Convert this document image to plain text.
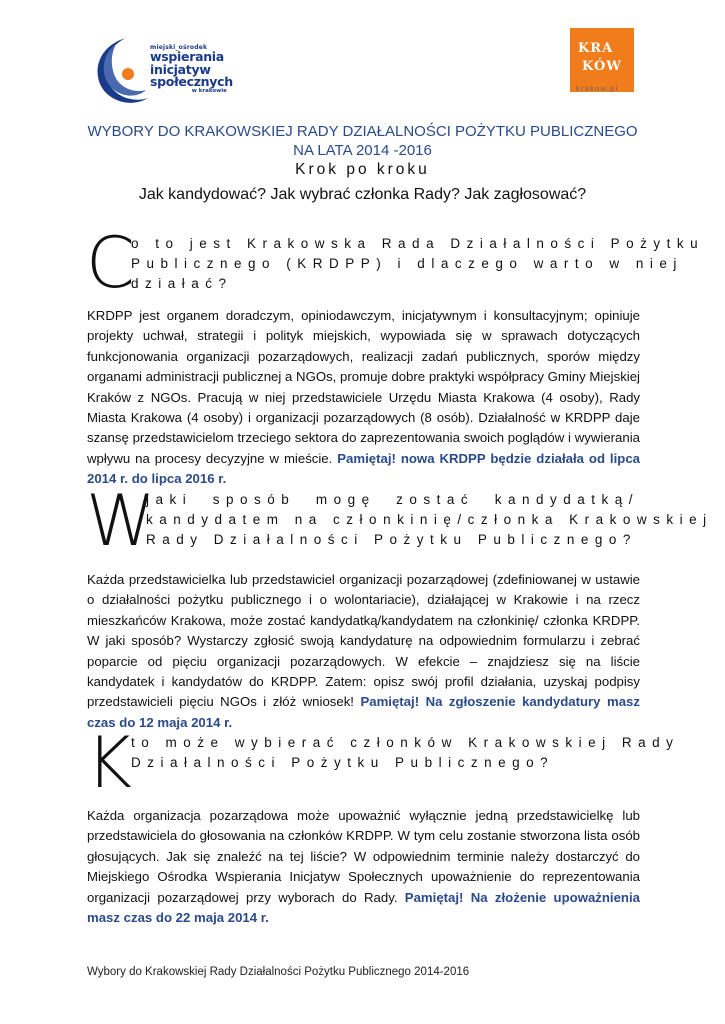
miejski_ośrodek
wspierania
inicjatyw
społecznych
w krakowie
KRA
KÓW
krakow.pl
WYBORY DO KRAKOWSKIEJ RADY DZIAŁALNOŚCI POŻYTKU PUBLICZNEGO
NA LATA 2014 -2016
Krok po kroku
Jak kandydować? Jak wybrać członka Rady? Jak zagłosować?
C
o to jest Krakowska Rada Działalności Pożytku
Publicznego (KRDPP) i dlaczego warto w niej
działać?
KRDPP jest organem doradczym, opiniodawczym, inicjatywnym i konsultacyjnym; opiniuje projekty uchwał, strategii i polityk miejskich, wypowiada się w sprawach dotyczących funkcjonowania organizacji pozarządowych, realizacji zadań publicznych, sporów między organami administracji publicznej a NGOs, promuje dobre praktyki współpracy Gminy Miejskiej Kraków z NGOs. Pracują w niej przedstawiciele Urzędu Miasta Krakowa (4 osoby), Rady Miasta Krakowa (4 osoby) i organizacji pozarządowych (8 osób). Działalność w KRDPP daje szansę przedstawicielom trzeciego sektora do zaprezentowania swoich poglądów i wywierania wpływu na procesy decyzyjne w mieście. Pamiętaj! nowa KRDPP będzie działała od lipca 2014 r. do lipca 2016 r.
W
jaki sposób mogę zostać kandydatką/
kandydatem na członkinię/członka Krakowskiej
Rady Działalności Pożytku Publicznego?
Każda przedstawicielka lub przedstawiciel organizacji pozarządowej (zdefiniowanej w ustawie o działalności pożytku publicznego i o wolontariacie), działającej w Krakowie i na rzecz mieszkańców Krakowa, może zostać kandydatką/kandydatem na członkinię/ członka KRDPP. W jaki sposób? Wystarczy zgłosić swoją kandydaturę na odpowiednim formularzu i zebrać poparcie od pięciu organizacji pozarządowych. W efekcie – znajdziesz się na liście kandydatek i kandydatów do KRDPP. Zatem: opisz swój profil działania, uzyskaj podpisy przedstawicieli pięciu NGOs i złóż wniosek! Pamiętaj! Na zgłoszenie kandydatury masz czas do 12 maja 2014 r.
K to może wybierać członków Krakowskiej Rady
Działalności Pożytku Publicznego?
Każda organizacja pozarządowa może upoważnić wyłącznie jedną przedstawicielkę lub przedstawiciela do głosowania na członków KRDPP. W tym celu zostanie stworzona lista osób głosujących. Jak się znaleźć na tej liście? W odpowiednim terminie należy dostarczyć do Miejskiego Ośrodka Wspierania Inicjatyw Społecznych upoważnienie do reprezentowania organizacji pozarządowej przy wyborach do Rady. Pamiętaj! Na złożenie upoważnienia masz czas do 22 maja 2014 r.
Wybory do Krakowskiej Rady Działalności Pożytku Publicznego 2014-2016
